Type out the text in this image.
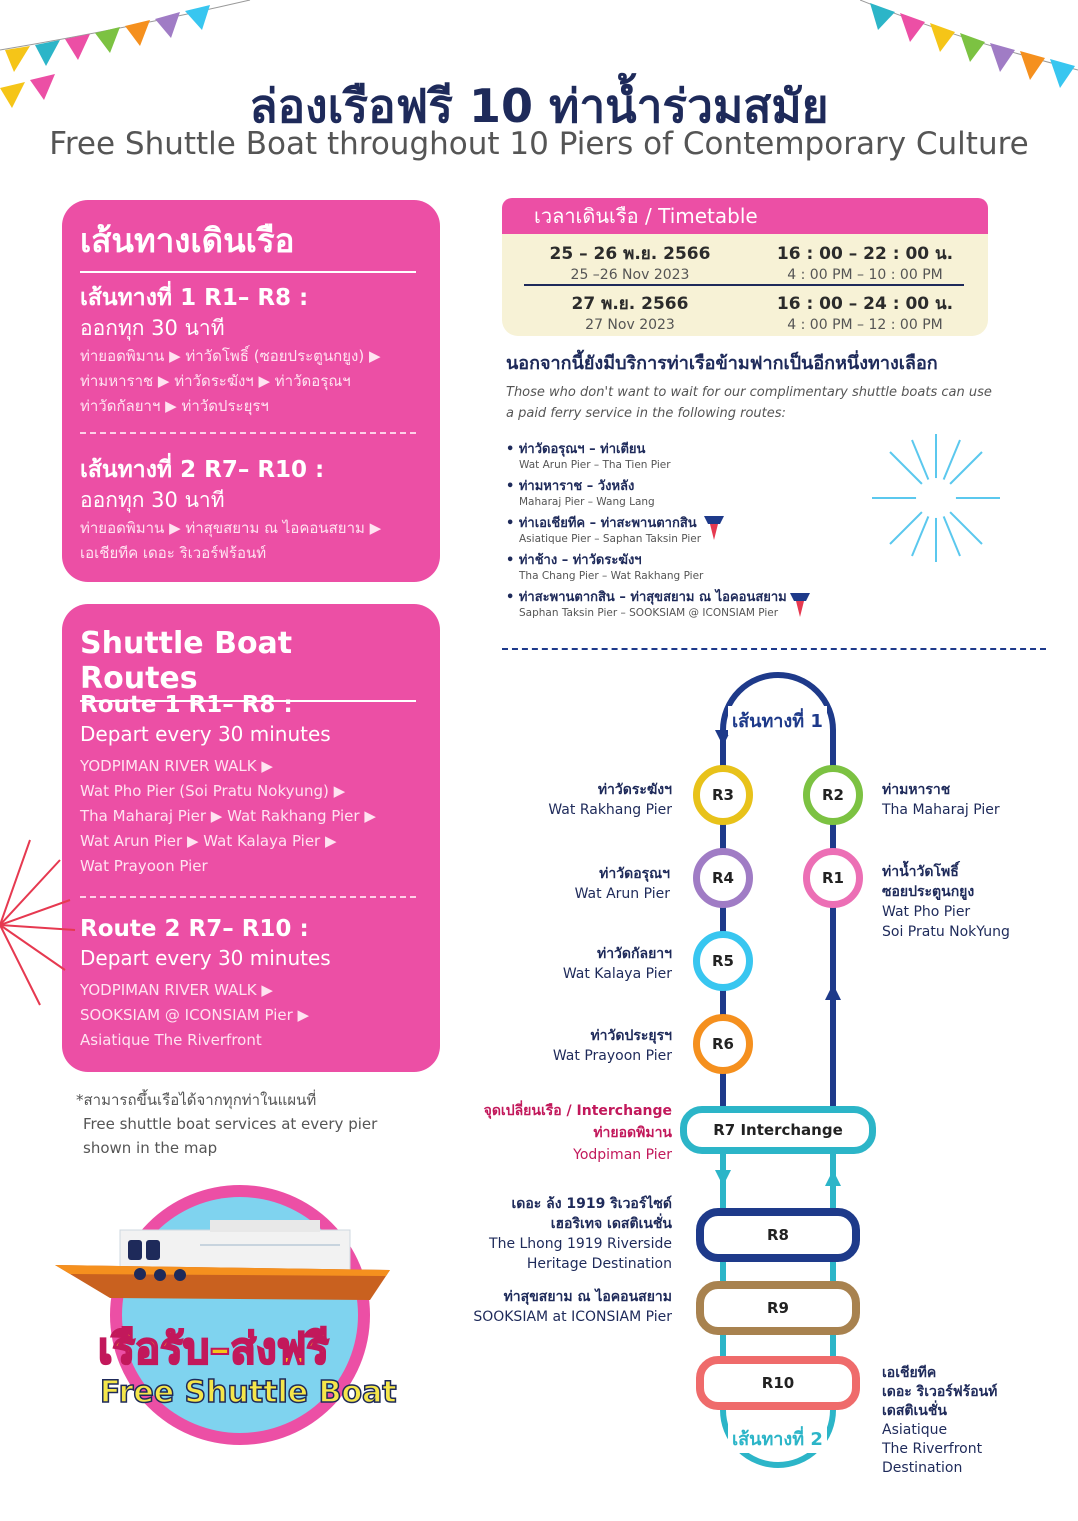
ล่องเรือฟรี 10 ท่าน้ำร่วมสมัย
Free Shuttle Boat throughout 10 Piers of Contemporary Culture
เส้นทางเดินเรือ
เส้นทางที่ 1 R1– R8 :
ออกทุก 30 นาที
ท่ายอดพิมาน ▶ ท่าวัดโพธิ์ (ซอยประตูนกยูง) ▶
ท่ามหาราช ▶ ท่าวัดระฆังฯ ▶ ท่าวัดอรุณฯ
ท่าวัดกัลยาฯ ▶ ท่าวัดประยุรฯ
เส้นทางที่ 2 R7– R10 :
ออกทุก 30 นาที
ท่ายอดพิมาน ▶ ท่าสุขสยาม ณ ไอคอนสยาม ▶
เอเชียทีค เดอะ ริเวอร์ฟร้อนท์
Shuttle Boat Routes
Route 1 R1– R8 :
Depart every 30 minutes
YODPIMAN RIVER WALK ▶
Wat Pho Pier (Soi Pratu Nokyung) ▶
Tha Maharaj Pier ▶ Wat Rakhang Pier ▶
Wat Arun Pier ▶ Wat Kalaya Pier ▶
Wat Prayoon Pier
Route 2 R7– R10 :
Depart every 30 minutes
YODPIMAN RIVER WALK ▶
SOOKSIAM @ ICONSIAM Pier ▶
Asiatique The Riverfront
*สามารถขึ้นเรือได้จากทุกท่าในแผนที่
Free shuttle boat services at every pier
shown in the map
เรือรับ–ส่งฟรี
Free Shuttle Boat
เวลาเดินเรือ / Timetable
25 – 26 พ.ย. 2566
25 –26 Nov 2023
16 : 00 – 22 : 00 น.
4 : 00 PM – 10 : 00 PM
27 พ.ย. 2566
27 Nov 2023
16 : 00 – 24 : 00 น.
4 : 00 PM – 12 : 00 PM
นอกจากนี้ยังมีบริการท่าเรือข้ามฟากเป็นอีกหนึ่งทางเลือก
Those who don't want to wait for our complimentary shuttle boats can use
a paid ferry service in the following routes:
• ท่าวัดอรุณฯ – ท่าเตียน
Wat Arun Pier – Tha Tien Pier
• ท่ามหาราช – วังหลัง
Maharaj Pier – Wang Lang
• ท่าเอเชียทีค – ท่าสะพานตากสิน
Asiatique Pier – Saphan Taksin Pier
• ท่าช้าง – ท่าวัดระฆังฯ
Tha Chang Pier – Wat Rakhang Pier
• ท่าสะพานตากสิน – ท่าสุขสยาม ณ ไอคอนสยาม
Saphan Taksin Pier – SOOKSIAM @ ICONSIAM Pier
เส้นทางที่ 1
เส้นทางที่ 2
R3	R2
R4	R1
R5
R6
R7 Interchange
R8
R9
R10
ท่าวัดระฆังฯ
Wat Rakhang Pier
ท่าวัดอรุณฯ
Wat Arun Pier
ท่าวัดกัลยาฯ
Wat Kalaya Pier
ท่าวัดประยุรฯ
Wat Prayoon Pier
จุดเปลี่ยนเรือ / Interchange
ท่ายอดพิมาน
Yodpiman Pier
เดอะ ล้ง 1919 ริเวอร์ไซด์
เฮอริเทจ เดสติเนชั่น
The Lhong 1919 Riverside
Heritage Destination
ท่าสุขสยาม ณ ไอคอนสยาม
SOOKSIAM at ICONSIAM Pier
ท่ามหาราช
Tha Maharaj Pier
ท่าน้ำวัดโพธิ์
ซอยประตูนกยูง
Wat Pho Pier
Soi Pratu NokYung
เอเชียทีค
เดอะ ริเวอร์ฟร้อนท์
เดสติเนชั่น
Asiatique
The Riverfront
Destination
